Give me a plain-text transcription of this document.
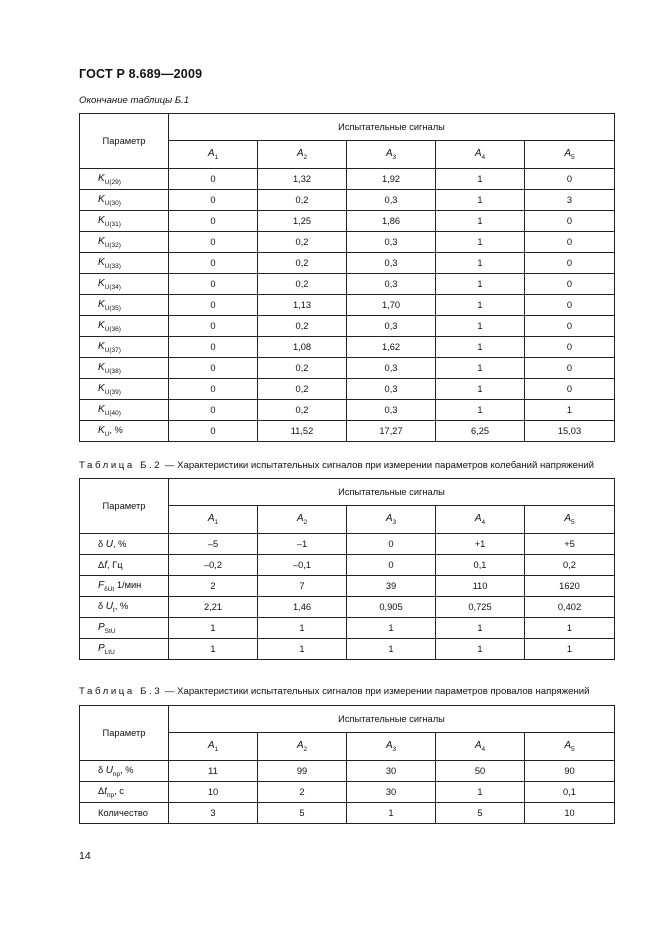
ГОСТ Р 8.689—2009
Окончание таблицы Б.1
Параметр	Испытательные сигналы				
	$A_1$	$A_2$	$A_3$	$A_4$	$A_5$
$K_{U(29)}$	0	1,32	1,92	1	0
$K_{U(30)}$	0	0,2	0,3	1	3
$K_{U(31)}$	0	1,25	1,86	1	0
$K_{U(32)}$	0	0,2	0,3	1	0
$K_{U(33)}$	0	0,2	0,3	1	0
$K_{U(34)}$	0	0,2	0,3	1	0
$K_{U(35)}$	0	1,13	1,70	1	0
$K_{U(36)}$	0	0,2	0,3	1	0
$K_{U(37)}$	0	1,08	1,62	1	0
$K_{U(38)}$	0	0,2	0,3	1	0
$K_{U(39)}$	0	0,2	0,3	1	0
$K_{U(40)}$	0	0,2	0,3	1	1
$K_U$, %	0	11,52	17,27	6,25	15,03
Таблица Б.2 — Характеристики испытательных сигналов при измерении параметров колебаний напряжений
Параметр	Испытательные сигналы				
	$A_1$	$A_2$	$A_3$	$A_4$	$A_5$
δ U, %	–5	–1	0	+1	+5
Δf, Гц	–0,2	–0,1	0	0,1	0,2
$F_{\delta Ut}$ 1/мин	2	7	39	110	1620
δ $U_t$, %	2,21	1,46	0,905	0,725	0,402
$P_{StU}$	1	1	1	1	1
$P_{LtU}$	1	1	1	1	1
Таблица Б.3 — Характеристики испытательных сигналов при измерении параметров провалов напряжений
Параметр	Испытательные сигналы				
	$A_1$	$A_2$	$A_3$	$A_4$	$A_5$
δ $U_{пр}$, %	11	99	30	50	90
$\Delta t_{пр}$, с	10	2	30	1	0,1
Количество	3	5	1	5	10
14
